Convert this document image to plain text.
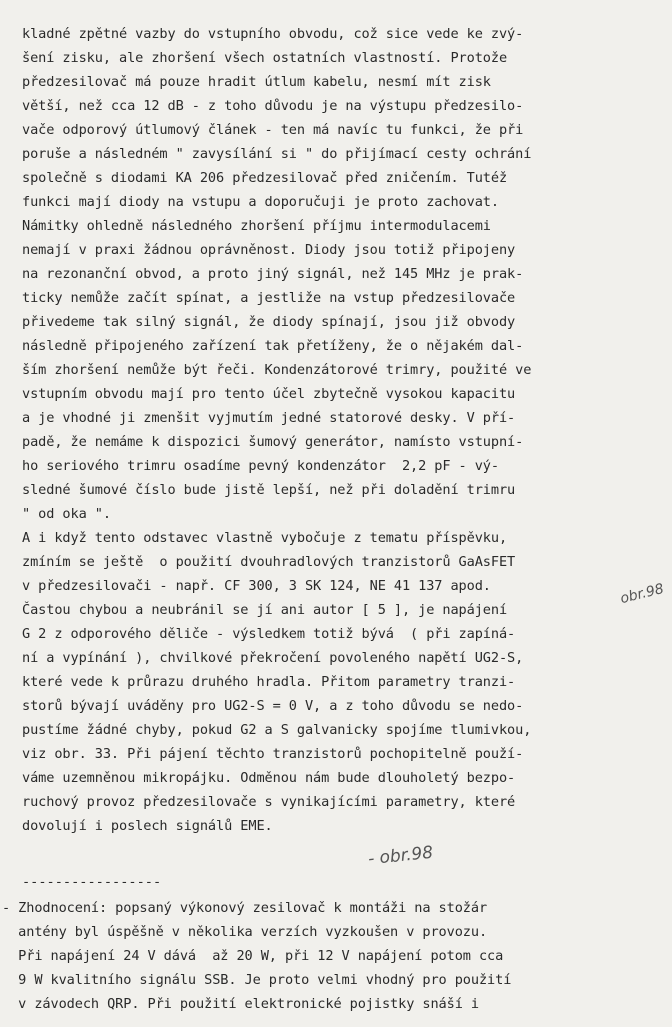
kladné zpětné vazby do vstupního obvodu, což sice vede ke zvý-
šení zisku, ale zhoršení všech ostatních vlastností. Protože
předzesilovač má pouze hradit útlum kabelu, nesmí mít zisk
větší, než cca 12 dB - z toho důvodu je na výstupu předzesilo-
vače odporový útlumový článek - ten má navíc tu funkci, že při
poruše a následném " zavysílání si " do přijímací cesty ochrání
společně s diodami KA 206 předzesilovač před zničením. Tutéž
funkci mají diody na vstupu a doporučuji je proto zachovat.
Námitky ohledně následného zhoršení příjmu intermodulacemi
nemají v praxi žádnou oprávněnost. Diody jsou totiž připojeny
na rezonanční obvod, a proto jiný signál, než 145 MHz je prak-
ticky nemůže začít spínat, a jestliže na vstup předzesilovače
přivedeme tak silný signál, že diody spínají, jsou již obvody
následně připojeného zařízení tak přetíženy, že o nějakém dal-
ším zhoršení nemůže být řeči. Kondenzátorové trimry, použité ve
vstupním obvodu mají pro tento účel zbytečně vysokou kapacitu
a je vhodné ji zmenšit vyjmutím jedné statorové desky. V pří-
padě, že nemáme k dispozici šumový generátor, namísto vstupní-
ho seriového trimru osadíme pevný kondenzátor  2,2 pF - vý-
sledné šumové číslo bude jistě lepší, než při doladění trimru
" od oka ".
A i když tento odstavec vlastně vybočuje z tematu příspěvku,
zmíním se ještě  o použití dvouhradlových tranzistorů GaAsFET
v předzesilovači - např. CF 300, 3 SK 124, NE 41 137 apod.
Častou chybou a neubránil se jí ani autor [ 5 ], je napájení
G 2 z odporového děliče - výsledkem totiž bývá  ( při zapíná-
ní a vypínání ), chvilkové překročení povoleného napětí UG2-S,
které vede k průrazu druhého hradla. Přitom parametry tranzi-
storů bývají uváděny pro UG2-S = 0 V, a z toho důvodu se nedo-
pustíme žádné chyby, pokud G2 a S galvanicky spojíme tlumivkou,
viz obr. 33. Při pájení těchto tranzistorů pochopitelně použí-
váme uzemněnou mikropájku. Odměnou nám bude dlouholetý bezpo-
ruchový provoz předzesilovače s vynikajícími parametry, které
dovolují i poslech signálů EME.
obr.98
- obr.98
-----------------
- Zhodnocení: popsaný výkonový zesilovač k montáži na stožár
antény byl úspěšně v několika verzích vyzkoušen v provozu.
Při napájení 24 V dává  až 20 W, při 12 V napájení potom cca
9 W kvalitního signálu SSB. Je proto velmi vhodný pro použití
v závodech QRP. Při použití elektronické pojistky snáší i
